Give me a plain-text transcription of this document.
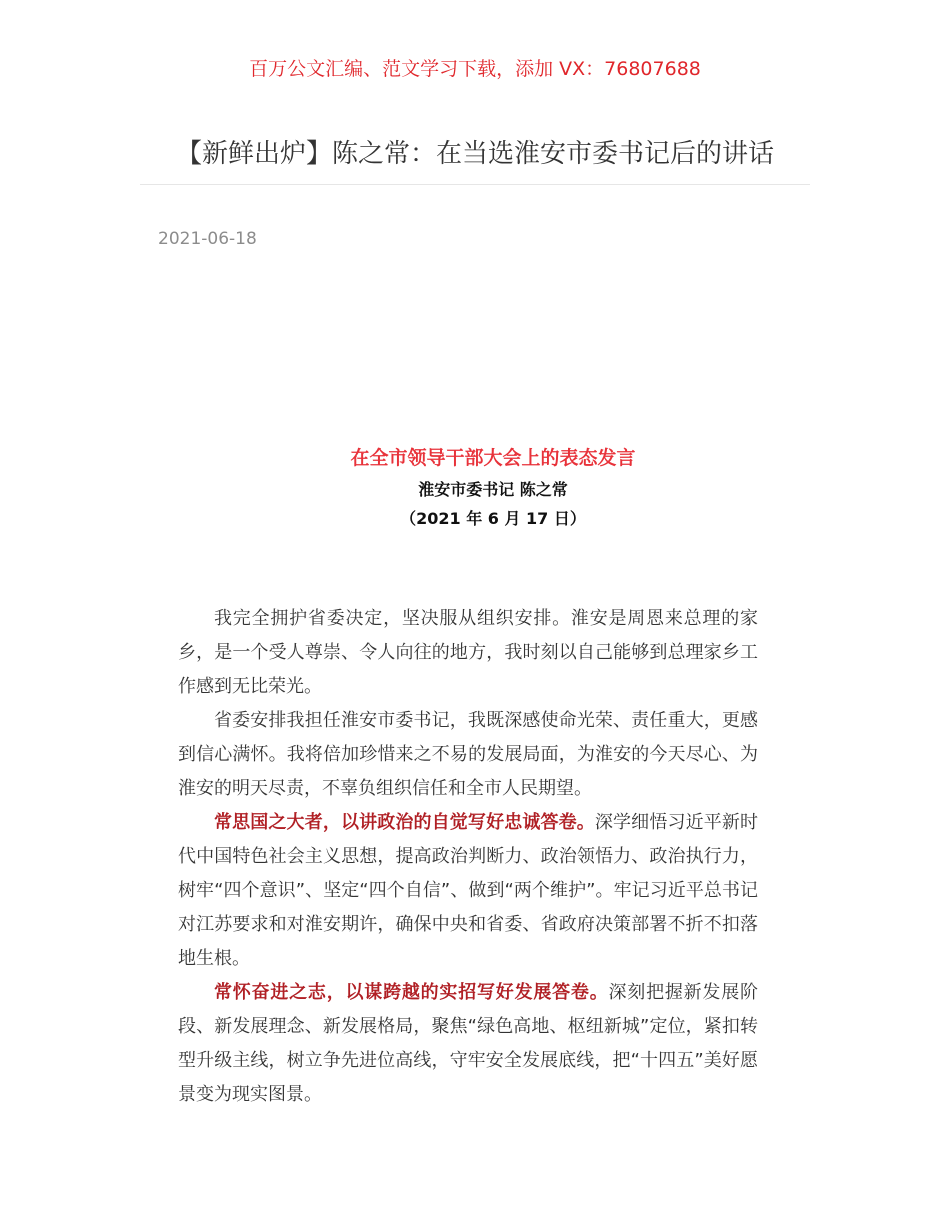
百万公文汇编、范文学习下载，添加 VX：76807688
【新鲜出炉】陈之常：在当选淮安市委书记后的讲话
2021-06-18
在全市领导干部大会上的表态发言
淮安市委书记 陈之常
（2021 年 6 月 17 日）

我完全拥护省委决定，坚决服从组织安排。淮安是周恩来总理的家乡，是一个受人尊崇、令人向往的地方，我时刻以自己能够到总理家乡工作感到无比荣光。

省委安排我担任淮安市委书记，我既深感使命光荣、责任重大，更感到信心满怀。我将倍加珍惜来之不易的发展局面，为淮安的今天尽心、为淮安的明天尽责，不辜负组织信任和全市人民期望。

常思国之大者，以讲政治的自觉写好忠诚答卷。深学细悟习近平新时代中国特色社会主义思想，提高政治判断力、政治领悟力、政治执行力，树牢“四个意识”、坚定“四个自信”、做到“两个维护”。牢记习近平总书记对江苏要求和对淮安期许，确保中央和省委、省政府决策部署不折不扣落地生根。

常怀奋进之志，以谋跨越的实招写好发展答卷。深刻把握新发展阶段、新发展理念、新发展格局，聚焦“绿色高地、枢纽新城”定位，紧扣转型升级主线，树立争先进位高线，守牢安全发展底线，把“十四五”美好愿景变为现实图景。
